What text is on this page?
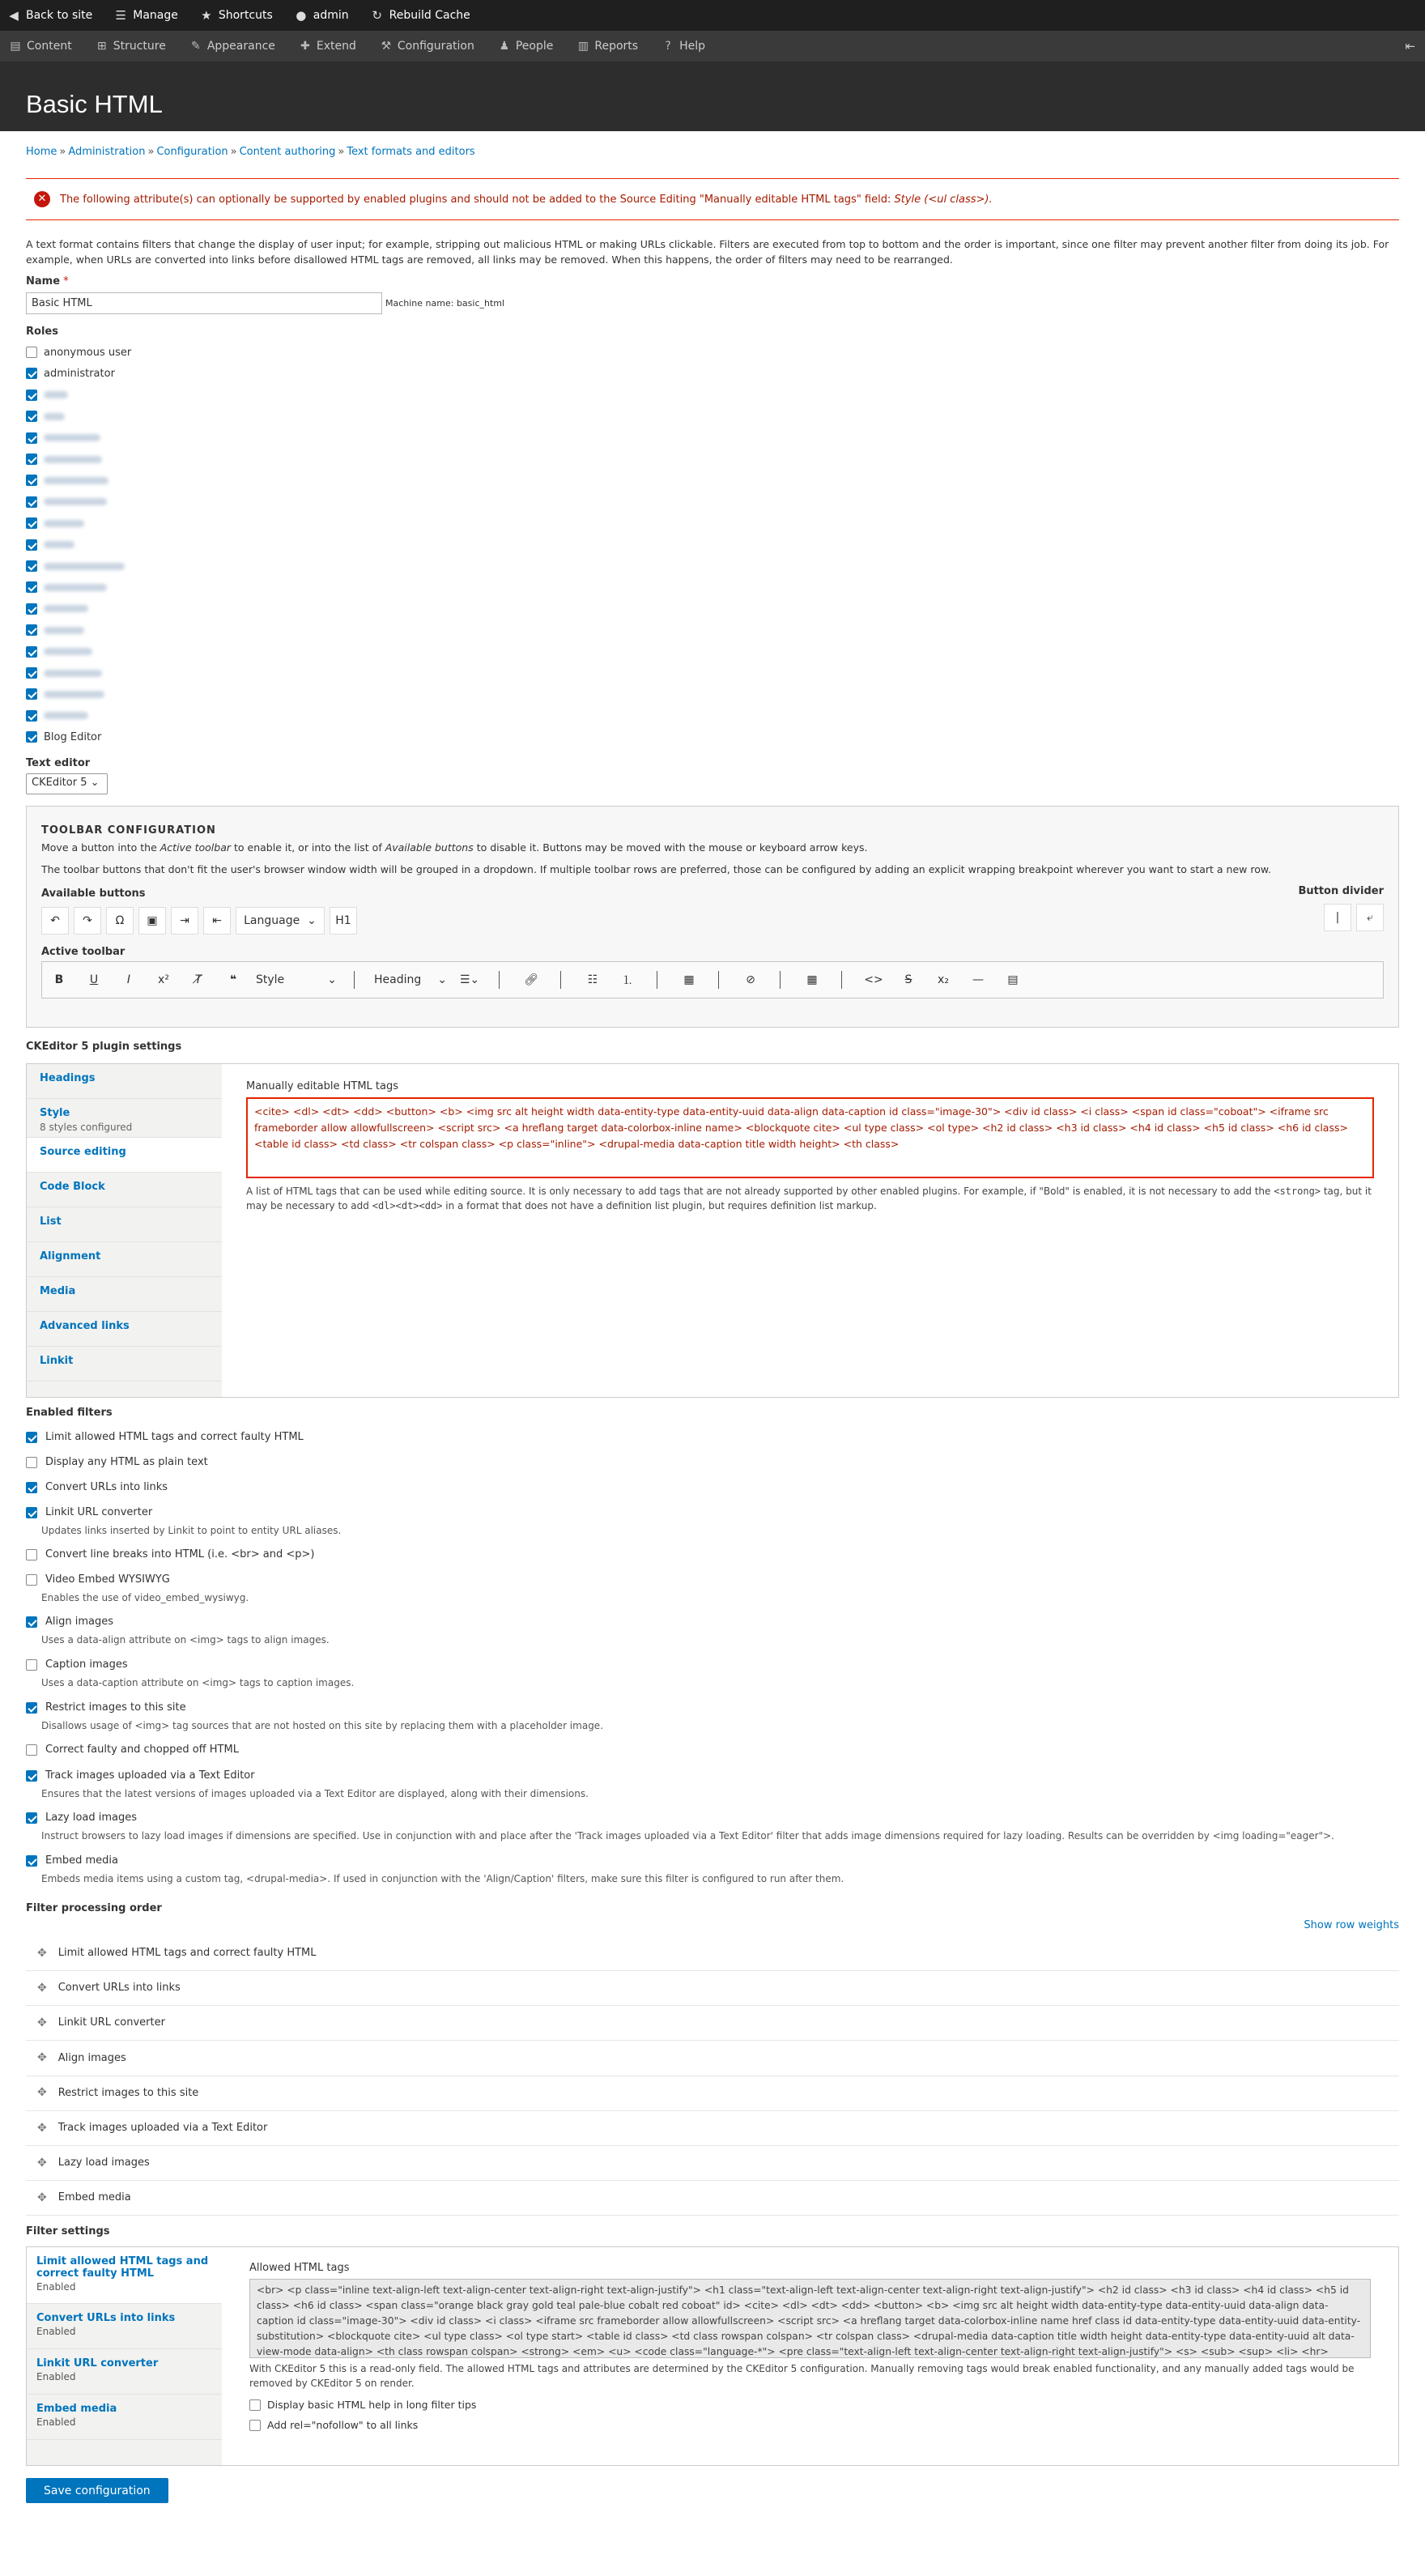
◀ Back to site ☰ Manage ★ Shortcuts ● admin ↻ Rebuild Cache
▤ Content ⊞ Structure ✎ Appearance ✚ Extend ⚒ Configuration ♟ People ▥ Reports	? Help	⇤
Basic HTML
Home » Administration » Configuration » Content authoring » Text formats and editors
✕	The following attribute(s) can optionally be supported by enabled plugins and should not be added to the Source Editing "Manually editable HTML tags" field: Style (<ul class>).
A text format contains filters that change the display of user input; for example, stripping out malicious HTML or making URLs clickable. Filters are executed from top to bottom and the order is important, since one filter may prevent another filter from doing its job. For example, when URLs are converted into links before disallowed HTML tags are removed, all links may be removed. When this happens, the order of filters may need to be rearranged.
Name *
Basic HTML
Machine name: basic_html
Roles
anonymous user
administrator
Blog Editor
Text editor
CKEditor 5 ⌄
TOOLBAR CONFIGURATION
Move a button into the Active toolbar to enable it, or into the list of Available buttons to disable it. Buttons may be moved with the mouse or keyboard arrow keys.
The toolbar buttons that don't fit the user's browser window width will be grouped in a dropdown. If multiple toolbar rows are preferred, those can be configured by adding an explicit wrapping breakpoint wherever you want to start a new row.
Available buttons	Button divider
↶	↷	Ω	▣	⇥	⇤	Language ⌄	H1	|	⤶
Active toolbar
B	U	I	x²	T̸	❝	Style
⌄	Heading
⌄	☰⌄	🔗︎	☷	⒈	▦	⊘	▦	<>	S	x₂	—	▤
CKEditor 5 plugin settings
Headings
Style
8 styles configured
Source editing
Code Block
List
Alignment
Media
Advanced links
Linkit
Manually editable HTML tags
<cite> <dl> <dt> <dd> <button> <b> <img src alt height width data-entity-type data-entity-uuid data-align data-caption id class="image-30"> <div id class> <i class> <span id class="coboat"> <iframe src frameborder allow allowfullscreen> <script src> <a hreflang target data-colorbox-inline name> <blockquote cite> <ul type class> <ol type> <h2 id class> <h3 id class> <h4 id class> <h5 id class> <h6 id class> <table id class> <td class> <tr colspan class> <p class="inline"> <drupal-media data-caption title width height> <th class>
A list of HTML tags that can be used while editing source. It is only necessary to add tags that are not already supported by other enabled plugins. For example, if "Bold" is enabled, it is not necessary to add the <strong> tag, but it may be necessary to add <dl><dt><dd> in a format that does not have a definition list plugin, but requires definition list markup.
Enabled filters
Limit allowed HTML tags and correct faulty HTML
Display any HTML as plain text
Convert URLs into links
Linkit URL converter
Updates links inserted by Linkit to point to entity URL aliases.
Convert line breaks into HTML (i.e. <br> and <p>)
Video Embed WYSIWYG
Enables the use of video_embed_wysiwyg.
Align images
Uses a data-align attribute on <img> tags to align images.
Caption images
Uses a data-caption attribute on <img> tags to caption images.
Restrict images to this site
Disallows usage of <img> tag sources that are not hosted on this site by replacing them with a placeholder image.
Correct faulty and chopped off HTML
Track images uploaded via a Text Editor
Ensures that the latest versions of images uploaded via a Text Editor are displayed, along with their dimensions.
Lazy load images
Instruct browsers to lazy load images if dimensions are specified. Use in conjunction with and place after the 'Track images uploaded via a Text Editor' filter that adds image dimensions required for lazy loading. Results can be overridden by <img loading="eager">.
Embed media
Embeds media items using a custom tag, <drupal-media>. If used in conjunction with the 'Align/Caption' filters, make sure this filter is configured to run after them.
Filter processing order
Show row weights
✥ Limit allowed HTML tags and correct faulty HTML
✥ Convert URLs into links
✥ Linkit URL converter
✥ Align images
✥ Restrict images to this site
✥ Track images uploaded via a Text Editor
✥ Lazy load images
✥ Embed media
Filter settings
Limit allowed HTML tags and correct faulty HTML
Enabled
Convert URLs into links
Enabled
Linkit URL converter
Enabled
Embed media
Enabled
Allowed HTML tags
<br> <p class="inline text-align-left text-align-center text-align-right text-align-justify"> <h1 class="text-align-left text-align-center text-align-right text-align-justify"> <h2 id class> <h3 id class> <h4 id class> <h5 id class> <h6 id class> <span class="orange black gray gold teal pale-blue cobalt red coboat" id> <cite> <dl> <dt> <dd> <button> <b> <img src alt height width data-entity-type data-entity-uuid data-align data-caption id class="image-30"> <div id class> <i class> <iframe src frameborder allow allowfullscreen> <script src> <a hreflang target data-colorbox-inline name href class id data-entity-type data-entity-uuid data-entity-substitution> <blockquote cite> <ul type class> <ol type start> <table id class> <td class rowspan colspan> <tr colspan class> <drupal-media data-caption title width height data-entity-type data-entity-uuid alt data-view-mode data-align> <th class rowspan colspan> <strong> <em> <u> <code class="language-*"> <pre class="text-align-left text-align-center text-align-right text-align-justify"> <s> <sub> <sup> <li> <hr>
With CKEditor 5 this is a read-only field. The allowed HTML tags and attributes are determined by the CKEditor 5 configuration. Manually removing tags would break enabled functionality, and any manually added tags would be removed by CKEditor 5 on render.
Display basic HTML help in long filter tips
Add rel="nofollow" to all links
Save configuration
